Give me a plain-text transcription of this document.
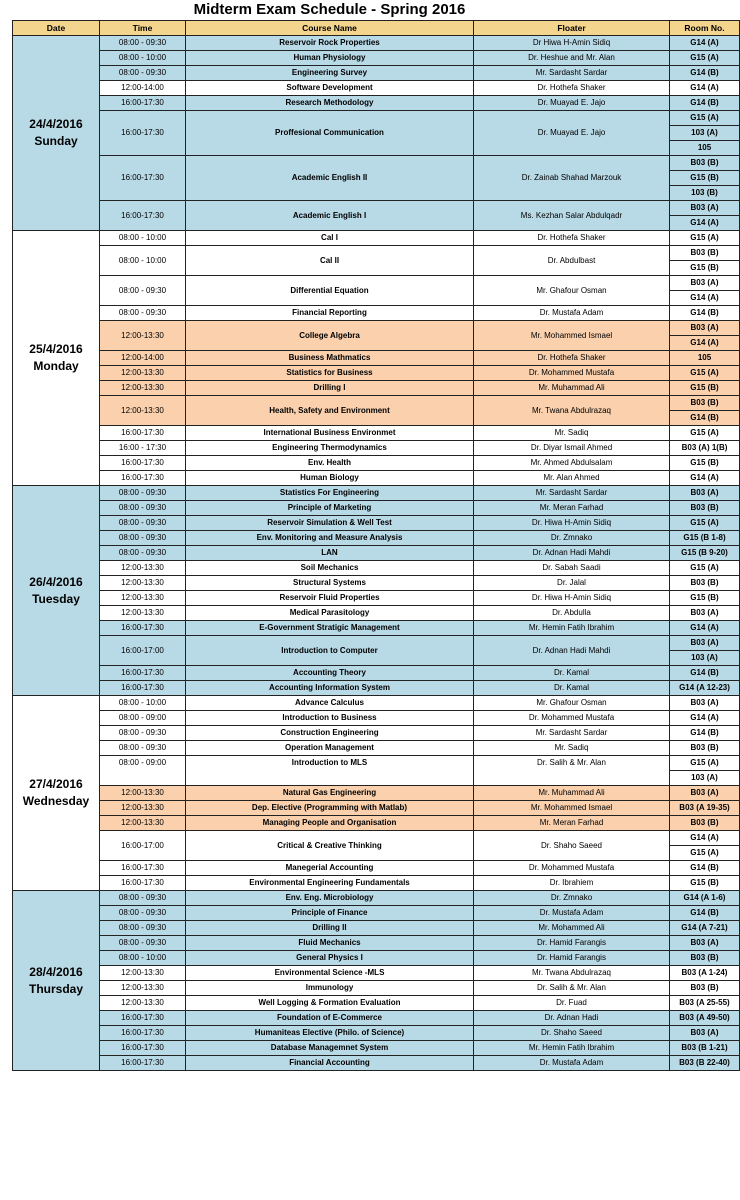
Midterm Exam Schedule - Spring 2016
Date	Time	Course Name	Floater	Room No.
24/4/2016
Sunday	08:00 - 09:30	Reservoir Rock Properties	Dr Hiwa H-Amin Sidiq	G14 (A)
	08:00 - 10:00	Human Physiology	Dr. Heshue and Mr. Alan	G15 (A)
	08:00 - 09:30	Engineering Survey	Mr. Sardasht Sardar	G14 (B)
	12:00-14:00	Software Development	Dr. Hothefa Shaker	G14 (A)
	16:00-17:30	Research Methodology	Dr. Muayad E. Jajo	G14 (B)
	16:00-17:30	Proffesional Communication	Dr. Muayad E. Jajo	G15 (A)
				103 (A)
				105
	16:00-17:30	Academic English II	Dr. Zainab Shahad Marzouk	B03 (B)
				G15 (B)
				103 (B)
	16:00-17:30	Academic English I	Ms. Kezhan Salar Abdulqadr	B03 (A)
				G14 (A)
25/4/2016
Monday	08:00 - 10:00	Cal I	Dr. Hothefa Shaker	G15 (A)
	08:00 - 10:00	Cal II	Dr. Abdulbast	B03 (B)
				G15 (B)
	08:00 - 09:30	Differential Equation	Mr. Ghafour Osman	B03 (A)
				G14 (A)
	08:00 - 09:30	Financial Reporting	Dr. Mustafa Adam	G14 (B)
	12:00-13:30	College Algebra	Mr. Mohammed Ismael	B03 (A)
				G14 (A)
	12:00-14:00	Business Mathmatics	Dr. Hothefa Shaker	105
	12:00-13:30	Statistics for Business	Dr. Mohammed Mustafa	G15 (A)
	12:00-13:30	Drilling I	Mr. Muhammad Ali	G15 (B)
	12:00-13:30	Health, Safety and Environment	Mr. Twana Abdulrazaq	B03 (B)
				G14 (B)
	16:00-17:30	International Business Environmet	Mr. Sadiq	G15 (A)
	16:00 - 17:30	Engineering Thermodynamics	Dr. Diyar Ismail Ahmed	B03 (A) 1(B)
	16:00-17:30	Env. Health	Mr. Ahmed Abdulsalam	G15 (B)
	16:00-17:30	Human Biology	Mr. Alan Ahmed	G14 (A)
26/4/2016
Tuesday	08:00 - 09:30	Statistics For Engineering	Mr. Sardasht Sardar	B03 (A)
	08:00 - 09:30	Principle of Marketing	Mr. Meran Farhad	B03 (B)
	08:00 - 09:30	Reservoir Simulation & Well Test	Dr. Hiwa H-Amin Sidiq	G15 (A)
	08:00 - 09:30	Env. Monitoring and Measure Analysis	Dr. Zmnako	G15 (B 1-8)
	08:00 - 09:30	LAN	Dr. Adnan Hadi Mahdi	G15 (B 9-20)
	12:00-13:30	Soil Mechanics	Dr. Sabah Saadi	G15 (A)
	12:00-13:30	Structural Systems	Dr. Jalal	B03 (B)
	12:00-13:30	Reservoir Fluid Properties	Dr. Hiwa H-Amin Sidiq	G15 (B)
	12:00-13:30	Medical Parasitology	Dr. Abdulla	B03 (A)
	16:00-17:30	E-Government Stratigic Management	Mr. Hemin Fatih Ibrahim	G14 (A)
	16:00-17:00	Introduction to Computer	Dr. Adnan Hadi Mahdi	B03 (A)
				103 (A)
	16:00-17:30	Accounting Theory	Dr. Kamal	G14 (B)
	16:00-17:30	Accounting Information System	Dr. Kamal	G14 (A 12-23)
27/4/2016
Wednesday	08:00 - 10:00	Advance Calculus	Mr. Ghafour Osman	B03 (A)
	08:00 - 09:00	Introduction to Business	Dr. Mohammed Mustafa	G14 (A)
	08:00 - 09:30	Construction Engineering	Mr. Sardasht Sardar	G14 (B)
	08:00 - 09:30	Operation Management	Mr. Sadiq	B03 (B)
	08:00 - 09:00	Introduction to MLS	Dr. Salih & Mr. Alan	G15 (A)
				103 (A)
	12:00-13:30	Natural Gas Engineering	Mr. Muhammad Ali	B03 (A)
	12:00-13:30	Dep. Elective (Programming with Matlab)	Mr. Mohammed Ismael	B03 (A 19-35)
	12:00-13:30	Managing People and Organisation	Mr. Meran Farhad	B03 (B)
	16:00-17:00	Critical & Creative Thinking	Dr. Shaho Saeed	G14 (A)
				G15 (A)
	16:00-17:30	Manegerial Accounting	Dr. Mohammed Mustafa	G14 (B)
	16:00-17:30	Environmental Engineering Fundamentals	Dr. Ibrahiem	G15 (B)
28/4/2016
Thursday	08:00 - 09:30	Env. Eng. Microbiology	Dr. Zmnako	G14 (A 1-6)
	08:00 - 09:30	Principle of Finance	Dr. Mustafa Adam	G14 (B)
	08:00 - 09:30	Drilling II	Mr. Mohammed Ali	G14 (A 7-21)
	08:00 - 09:30	Fluid Mechanics	Dr. Hamid Farangis	B03 (A)
	08:00 - 10:00	General Physics I	Dr. Hamid Farangis	B03 (B)
	12:00-13:30	Environmental Science -MLS	Mr. Twana Abdulrazaq	B03 (A 1-24)
	12:00-13:30	Immunology	Dr. Salih & Mr. Alan	B03 (B)
	12:00-13:30	Well Logging & Formation Evaluation	Dr. Fuad	B03 (A 25-55)
	16:00-17:30	Foundation of E-Commerce	Dr. Adnan Hadi	B03 (A 49-50)
	16:00-17:30	Humaniteas Elective (Philo. of Science)	Dr. Shaho Saeed	B03 (A)
	16:00-17:30	Database Managemnet System	Mr. Hemin Fatih Ibrahim	B03 (B 1-21)
	16:00-17:30	Financial Accounting	Dr. Mustafa Adam	B03 (B 22-40)
